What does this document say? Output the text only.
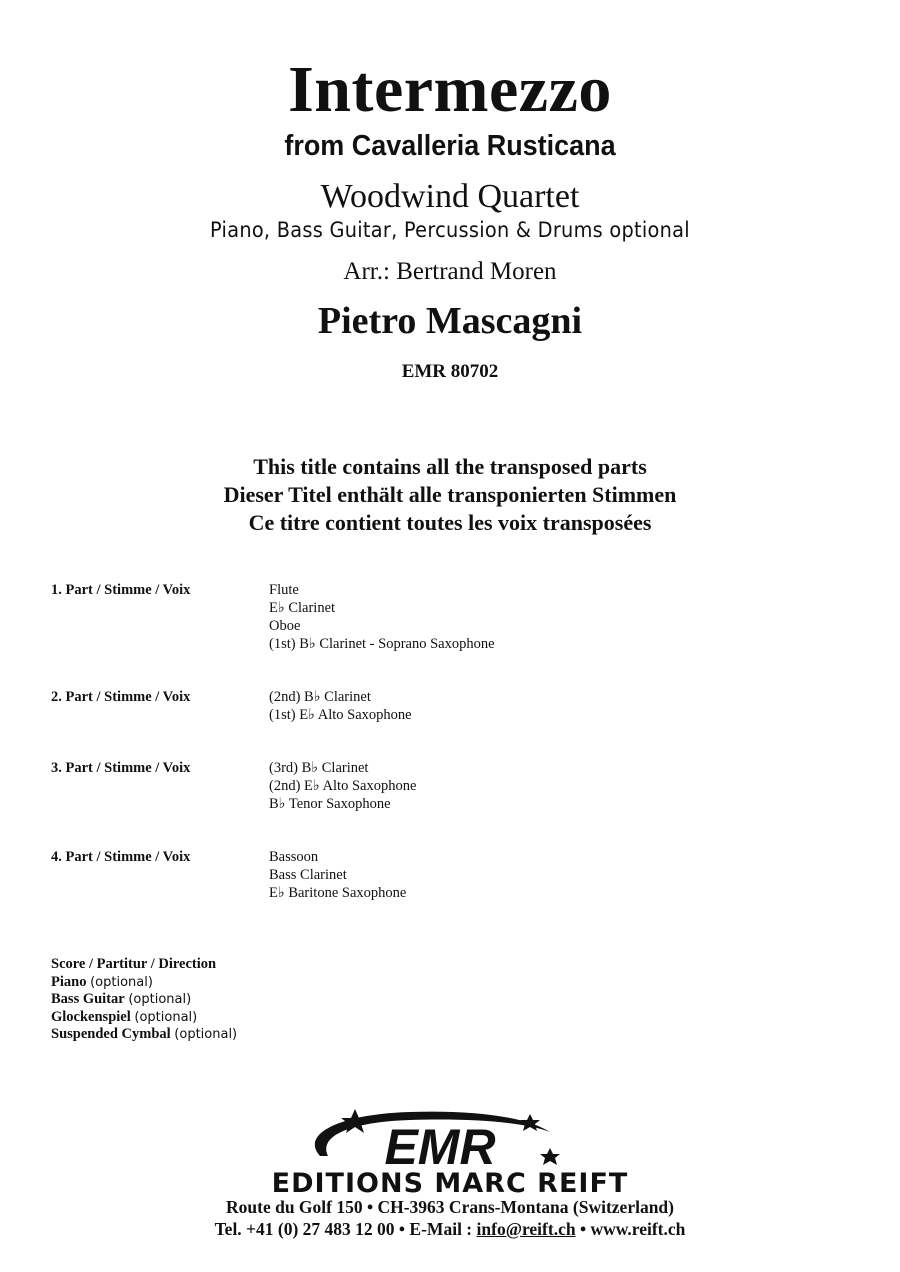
Intermezzo
from Cavalleria Rusticana
Woodwind Quartet
Piano, Bass Guitar, Percussion & Drums optional
Arr.: Bertrand Moren
Pietro Mascagni
EMR 80702
This title contains all the transposed parts
Dieser Titel enthält alle transponierten Stimmen
Ce titre contient toutes les voix transposées
1. Part / Stimme / Voix	Flute
E♭ Clarinet
Oboe
(1st) B♭ Clarinet - Soprano Saxophone
2. Part / Stimme / Voix	(2nd) B♭ Clarinet
(1st) E♭ Alto Saxophone
3. Part / Stimme / Voix	(3rd) B♭ Clarinet
(2nd) E♭ Alto Saxophone
B♭ Tenor Saxophone
4. Part / Stimme / Voix	Bassoon
Bass Clarinet
E♭ Baritone Saxophone
Score / Partitur / Direction
Piano (optional)
Bass Guitar (optional)
Glockenspiel (optional)
Suspended Cymbal (optional)
EMR
EDITIONS MARC REIFT
Route du Golf 150 • CH-3963 Crans-Montana (Switzerland)
Tel. +41 (0) 27 483 12 00 • E-Mail : info@reift.ch • www.reift.ch
